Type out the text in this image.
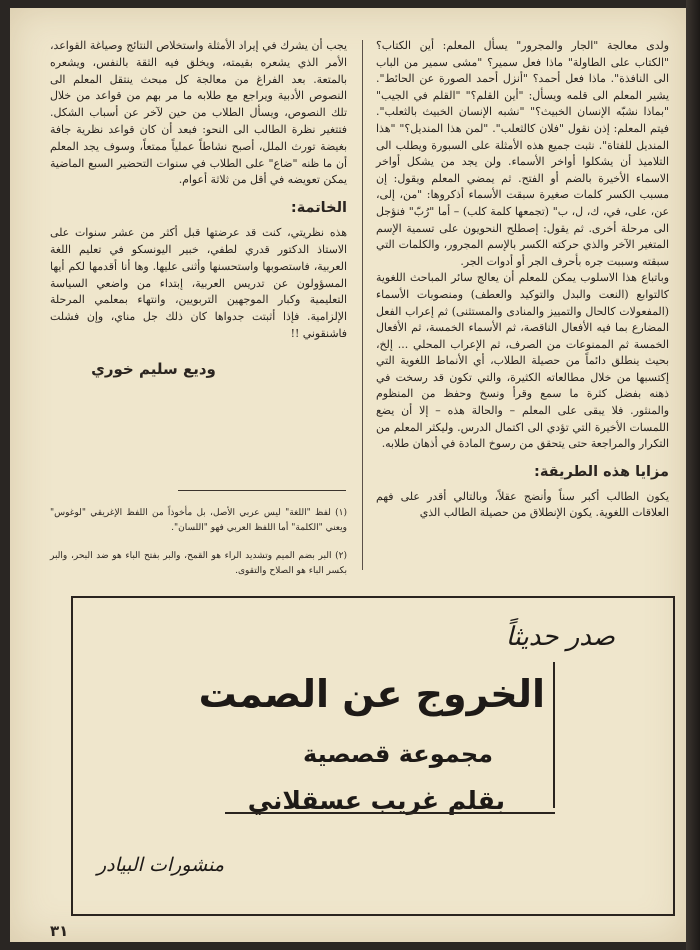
ولدى معالجة "الجار والمجرور" يسأل المعلم: أين الكتاب؟ "الكتاب على الطاولة" ماذا فعل سمير؟ "مشى سمير من الباب الى النافذة". ماذا فعل أحمد؟ "أنزل أحمد الصورة عن الحائط". يشير المعلم الى قلمه ويسأل: "أين القلم؟" "القلم في الجيب" "بماذا نشبّه الإنسان الخبيث؟" "نشبه الإنسان الخبيث بالثعلب". فيتم المعلم: إذن نقول "فلان كالثعلب". "لمن هذا المنديل؟" "هذا المنديل للفتاة". نثبت جميع هذه الأمثلة على السبورة ويطلب الى التلاميذ أن يشكلوا أواخر الأسماء. ولن يجد من يشكل أواخر الاسماء الأخيرة بالضم أو الفتح. ثم يمضي المعلم ويقول: إن مسبب الكسر كلمات صغيرة سبقت الأسماء أذكروها: "من، إلى، عن، على، في، ك، ل، ب" (تجمعها كلمة كلب) – أما "رُبّ" فنؤجل الى مرحلة أخرى. ثم يقول: إصطلح النحويون على تسمية الإسم المتغير الآخر والذي حركته الكسر بالإسم المجرور، والكلمات التي سبقته وسببت جره بأحرف الجر أو أدوات الجر.

وباتباع هذا الاسلوب يمكن للمعلم أن يعالج سائر المباحث اللغوية كالتوابع (النعت والبدل والتوكيد والعطف) ومنصوبات الأسماء (المفعولات كالحال والتمييز والمنادى والمستثنى) ثم إعراب الفعل المضارع بما فيه الأفعال الناقصة، ثم الأسماء الخمسة، ثم الأفعال الخمسة ثم الممنوعات من الصرف، ثم الإعراب المحلي ... إلخ، بحيث ينطلق دائماً من حصيلة الطلاب، أي الأنماط اللغوية التي إكتسبها من خلال مطالعاته الكثيرة، والتي تكون قد رسخت في ذهنه بفضل كثرة ما سمع وقرأ ونسخ وحفظ من المنظوم والمنثور. فلا يبقى على المعلم – والحالة هذه – إلا أن يضع اللمسات الأخيرة التي تؤدي الى اكتمال الدرس. وليكثر المعلم من التكرار والمراجعة حتى يتحقق من رسوخ المادة في أذهان طلابه.

مزايا هذه الطريقة:

يكون الطالب أكبر سناً وأنضج عقلاً، وبالتالي أقدر على فهم العلاقات اللغوية. يكون الإنطلاق من حصيلة الطالب الذي

يجب أن يشرك في إيراد الأمثلة واستخلاص النتائج وصياغة القواعد، الأمر الذي يشعره بقيمته، ويخلق فيه الثقة بالنفس، ويشعره بالمتعة. بعد الفراغ من معالجة كل مبحث ينتقل المعلم الى النصوص الأدبية ويراجع مع طلابه ما مر بهم من قواعد من خلال تلك النصوص، ويسأل الطلاب من حين لآخر عن أسباب الشكل. فتتغير نظرة الطالب الى النحو: فبعد أن كان قواعد نظرية جافة بغيضة تورث الملل، أصبح نشاطاً عملياً ممتعاً، وسوف يجد المعلم أن ما ظنه "ضاع" على الطلاب في سنوات التحضير السبع الماضية يمكن تعويضه في أقل من ثلاثة أعوام.

الخاتمة:

هذه نظريتي، كنت قد عرضتها قبل أكثر من عشر سنوات على الاستاذ الدكتور قدري لطفي، خبير اليونسكو في تعليم اللغة العربية، فاستصوبها واستحسنها وأثنى عليها. وها أنا أقدمها لكم أيها المسؤولون عن تدريس العربية، إبتداء من واضعي السياسة التعليمية وكبار الموجهين التربويين، وانتهاء بمعلمي المرحلة الإلزامية. فإذا أثبتت جدواها كان ذلك جل مناي، وإن فشلت فاشنقوني !!

وديع سليم خوري

(١) لفظ "اللغة" ليس عربي الأصل، بل مأخوذاً من اللفظ الإغريقي "لوغوس" ويعني "الكلمة" أما اللفظ العربي فهو "اللسان".

(٢) البر بضم الميم وتشديد الراء هو القمح، والبر بفتح الباء هو ضد البحر، والبر بكسر الباء هو الصلاح والتقوى.

صدر حديثاً
الخروج عن الصمت
مجموعة قصصية
بقلم غريب عسقلاني
منشورات البيادر
٣١
